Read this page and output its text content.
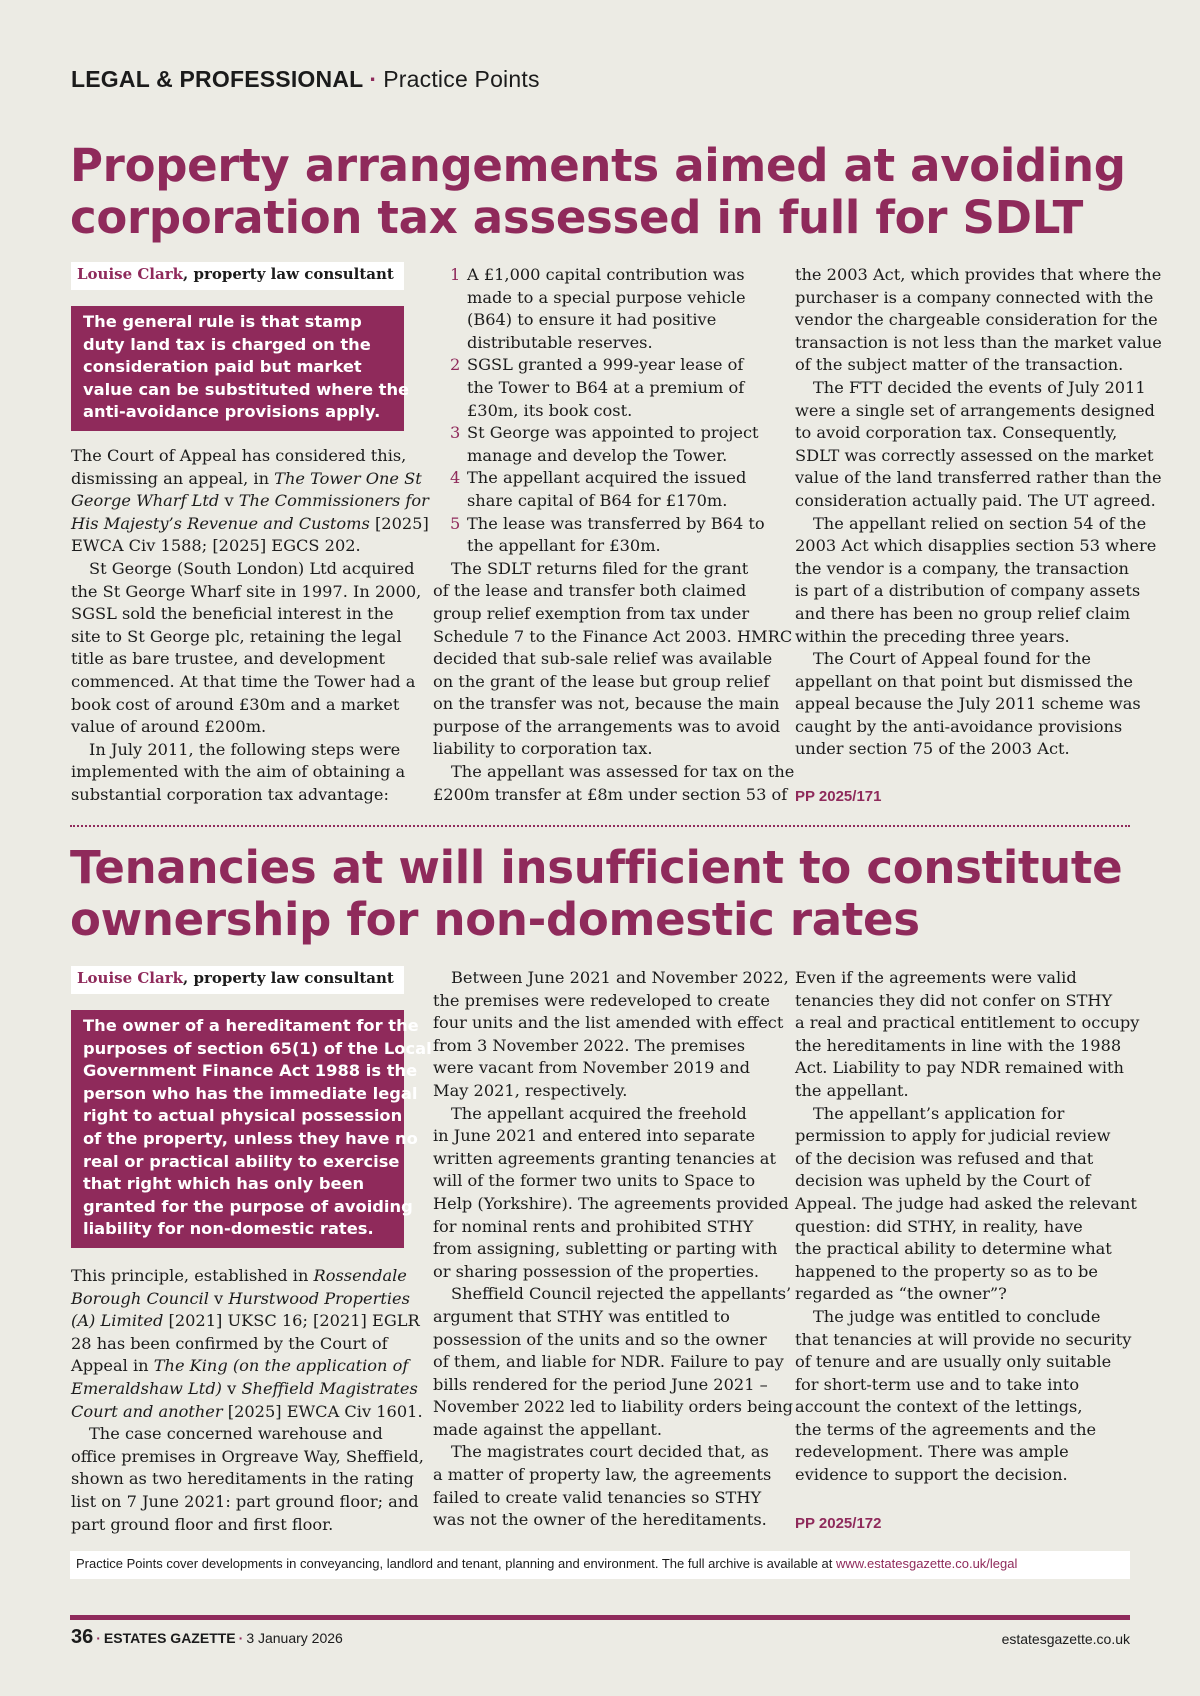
LEGAL & PROFESSIONAL · Practice Points
Property arrangements aimed at avoiding
corporation tax assessed in full for SDLT
Louise Clark, property law consultant
The general rule is that stamp
duty land tax is charged on the
consideration paid but market
value can be substituted where the
anti-avoidance provisions apply.
The Court of Appeal has considered this,
dismissing an appeal, in The Tower One St
George Wharf Ltd v The Commissioners for
His Majesty’s Revenue and Customs [2025]
EWCA Civ 1588; [2025] EGCS 202.
St George (South London) Ltd acquired
the St George Wharf site in 1997. In 2000,
SGSL sold the beneficial interest in the
site to St George plc, retaining the legal
title as bare trustee, and development
commenced. At that time the Tower had a
book cost of around £30m and a market
value of around £200m.
In July 2011, the following steps were
implemented with the aim of obtaining a
substantial corporation tax advantage:
1 A £1,000 capital contribution was
made to a special purpose vehicle
(B64) to ensure it had positive
distributable reserves.
2 SGSL granted a 999-year lease of
the Tower to B64 at a premium of
£30m, its book cost.
3 St George was appointed to project
manage and develop the Tower.
4 The appellant acquired the issued
share capital of B64 for £170m.
5 The lease was transferred by B64 to
the appellant for £30m.
The SDLT returns filed for the grant
of the lease and transfer both claimed
group relief exemption from tax under
Schedule 7 to the Finance Act 2003. HMRC
decided that sub-sale relief was available
on the grant of the lease but group relief
on the transfer was not, because the main
purpose of the arrangements was to avoid
liability to corporation tax.
The appellant was assessed for tax on the
£200m transfer at £8m under section 53 of
the 2003 Act, which provides that where the
purchaser is a company connected with the
vendor the chargeable consideration for the
transaction is not less than the market value
of the subject matter of the transaction.
The FTT decided the events of July 2011
were a single set of arrangements designed
to avoid corporation tax. Consequently,
SDLT was correctly assessed on the market
value of the land transferred rather than the
consideration actually paid. The UT agreed.
The appellant relied on section 54 of the
2003 Act which disapplies section 53 where
the vendor is a company, the transaction
is part of a distribution of company assets
and there has been no group relief claim
within the preceding three years.
The Court of Appeal found for the
appellant on that point but dismissed the
appeal because the July 2011 scheme was
caught by the anti-avoidance provisions
under section 75 of the 2003 Act.
PP 2025/171
Tenancies at will insufficient to constitute
ownership for non-domestic rates
Louise Clark, property law consultant
The owner of a hereditament for the
purposes of section 65(1) of the Local
Government Finance Act 1988 is the
person who has the immediate legal
right to actual physical possession
of the property, unless they have no
real or practical ability to exercise
that right which has only been
granted for the purpose of avoiding
liability for non-domestic rates.
This principle, established in Rossendale
Borough Council v Hurstwood Properties
(A) Limited [2021] UKSC 16; [2021] EGLR
28 has been confirmed by the Court of
Appeal in The King (on the application of
Emeraldshaw Ltd) v Sheffield Magistrates
Court and another [2025] EWCA Civ 1601.
The case concerned warehouse and
office premises in Orgreave Way, Sheffield,
shown as two hereditaments in the rating
list on 7 June 2021: part ground floor; and
part ground floor and first floor.
Between June 2021 and November 2022,
the premises were redeveloped to create
four units and the list amended with effect
from 3 November 2022. The premises
were vacant from November 2019 and
May 2021, respectively.
The appellant acquired the freehold
in June 2021 and entered into separate
written agreements granting tenancies at
will of the former two units to Space to
Help (Yorkshire). The agreements provided
for nominal rents and prohibited STHY
from assigning, subletting or parting with
or sharing possession of the properties.
Sheffield Council rejected the appellants’
argument that STHY was entitled to
possession of the units and so the owner
of them, and liable for NDR. Failure to pay
bills rendered for the period June 2021 –
November 2022 led to liability orders being
made against the appellant.
The magistrates court decided that, as
a matter of property law, the agreements
failed to create valid tenancies so STHY
was not the owner of the hereditaments.
Even if the agreements were valid
tenancies they did not confer on STHY
a real and practical entitlement to occupy
the hereditaments in line with the 1988
Act. Liability to pay NDR remained with
the appellant.
The appellant’s application for
permission to apply for judicial review
of the decision was refused and that
decision was upheld by the Court of
Appeal. The judge had asked the relevant
question: did STHY, in reality, have
the practical ability to determine what
happened to the property so as to be
regarded as “the owner”?
The judge was entitled to conclude
that tenancies at will provide no security
of tenure and are usually only suitable
for short-term use and to take into
account the context of the lettings,
the terms of the agreements and the
redevelopment. There was ample
evidence to support the decision.
PP 2025/172
Practice Points cover developments in conveyancing, landlord and tenant, planning and environment. The full archive is available at www.estatesgazette.co.uk/legal
36 · ESTATES GAZETTE · 3 January 2026	estatesgazette.co.uk
